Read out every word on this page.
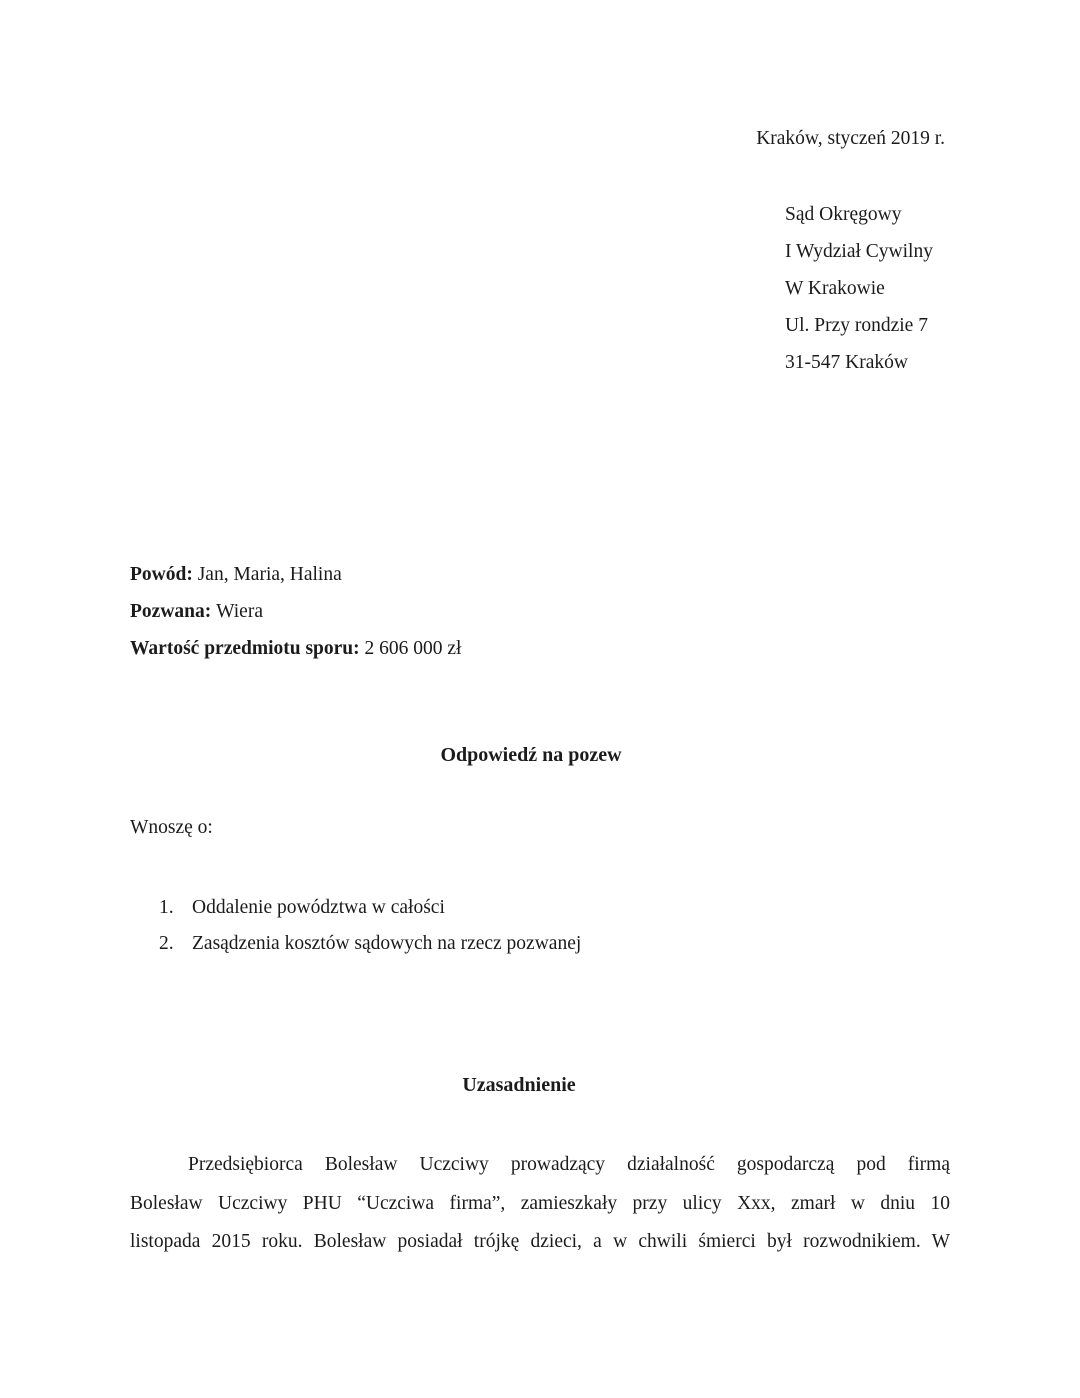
Kraków, styczeń 2019 r.
Sąd Okręgowy
I Wydział Cywilny
W Krakowie
Ul. Przy rondzie 7
31-547 Kraków
Powód: Jan, Maria, Halina
Pozwana: Wiera
Wartość przedmiotu sporu: 2 606 000 zł
Odpowiedź na pozew
Wnoszę o:
1. Oddalenie powództwa w całości
2. Zasądzenia kosztów sądowych na rzecz pozwanej
Uzasadnienie
Przedsiębiorca Bolesław Uczciwy prowadzący działalność gospodarczą pod firmą
Bolesław Uczciwy PHU “Uczciwa firma”, zamieszkały przy ulicy Xxx, zmarł w dniu 10
listopada 2015 roku. Bolesław posiadał trójkę dzieci, a w chwili śmierci był rozwodnikiem. W
